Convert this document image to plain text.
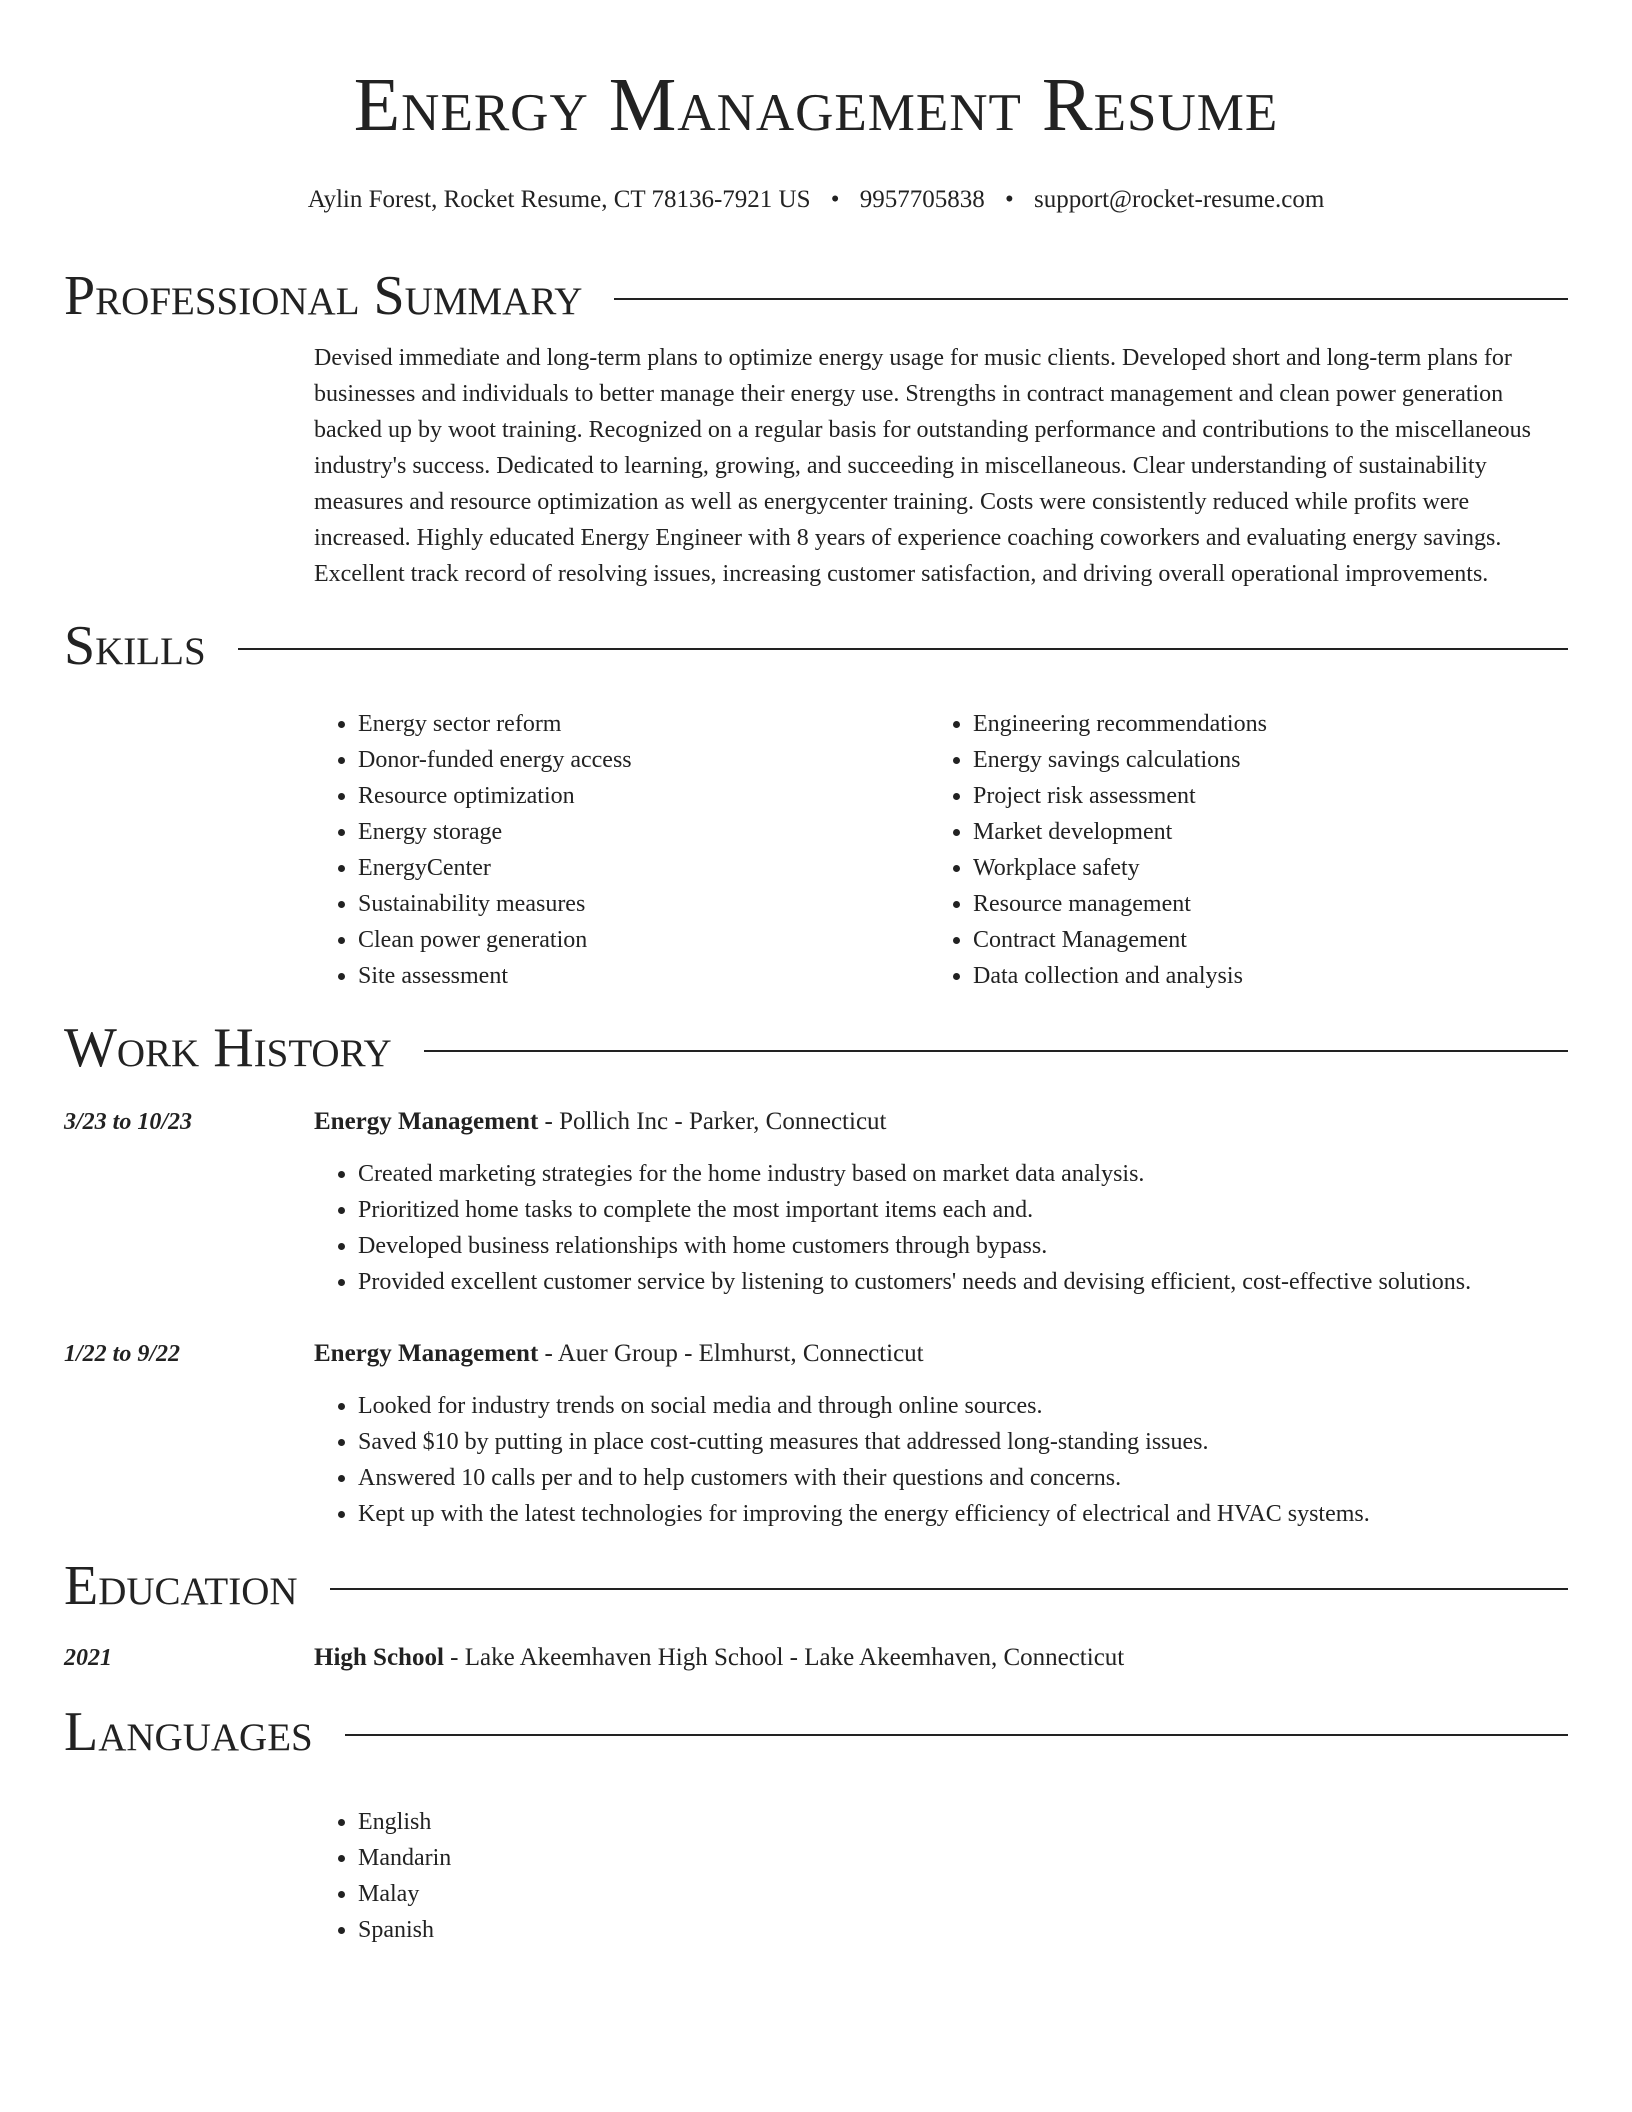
Energy Management Resume
Aylin Forest, Rocket Resume, CT 78136-7921 US • 9957705838 • support@rocket-resume.com
Professional Summary
Devised immediate and long-term plans to optimize energy usage for music clients. Developed short and long-term plans for businesses and individuals to better manage their energy use. Strengths in contract management and clean power generation backed up by woot training. Recognized on a regular basis for outstanding performance and contributions to the miscellaneous industry's success. Dedicated to learning, growing, and succeeding in miscellaneous. Clear understanding of sustainability measures and resource optimization as well as energycenter training. Costs were consistently reduced while profits were increased. Highly educated Energy Engineer with 8 years of experience coaching coworkers and evaluating energy savings. Excellent track record of resolving issues, increasing customer satisfaction, and driving overall operational improvements.
Skills
• Energy sector reform
• Donor-funded energy access
• Resource optimization
• Energy storage
• EnergyCenter
• Sustainability measures
• Clean power generation
• Site assessment
• Engineering recommendations
• Energy savings calculations
• Project risk assessment
• Market development
• Workplace safety
• Resource management
• Contract Management
• Data collection and analysis
Work History
3/23 to 10/23	Energy Management - Pollich Inc - Parker, Connecticut
• Created marketing strategies for the home industry based on market data analysis.
• Prioritized home tasks to complete the most important items each and.
• Developed business relationships with home customers through bypass.
• Provided excellent customer service by listening to customers' needs and devising efficient, cost-effective solutions.
1/22 to 9/22	Energy Management - Auer Group - Elmhurst, Connecticut
• Looked for industry trends on social media and through online sources.
• Saved $10 by putting in place cost-cutting measures that addressed long-standing issues.
• Answered 10 calls per and to help customers with their questions and concerns.
• Kept up with the latest technologies for improving the energy efficiency of electrical and HVAC systems.
Education
2021	High School - Lake Akeemhaven High School - Lake Akeemhaven, Connecticut
Languages
• English
• Mandarin
• Malay
• Spanish
